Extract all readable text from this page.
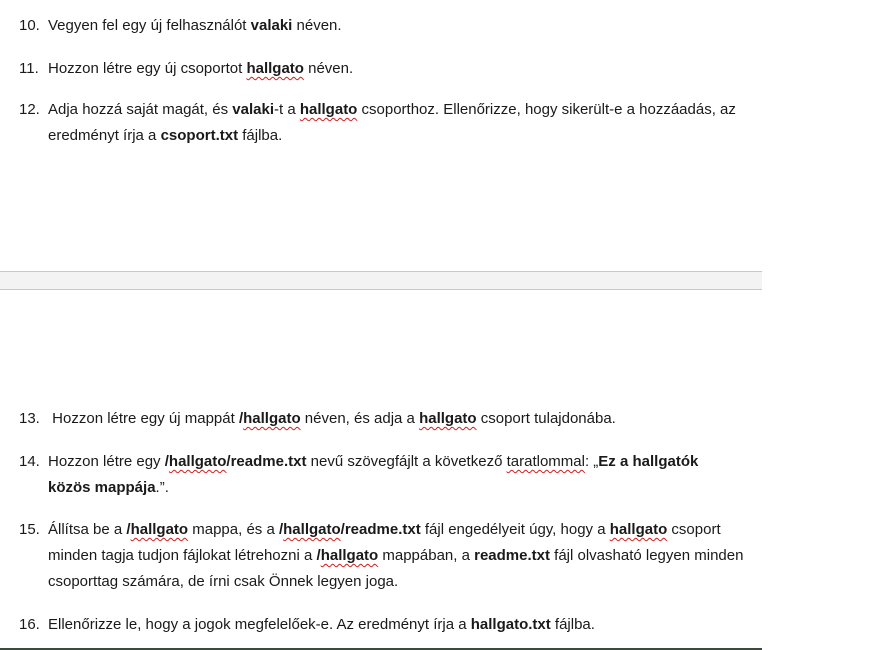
10. Vegyen fel egy új felhasználót valaki néven.
11. Hozzon létre egy új csoportot hallgato néven.
12. Adja hozzá saját magát, és valaki-t a hallgato csoporthoz. Ellenőrizze, hogy sikerült-e a hozzáadás, az eredményt írja a csoport.txt fájlba.
13. Hozzon létre egy új mappát /hallgato néven, és adja a hallgato csoport tulajdonába.
14. Hozzon létre egy /hallgato/readme.txt nevű szövegfájlt a következő taratlommal: „Ez a hallgatók közös mappája.”.
15. Állítsa be a /hallgato mappa, és a /hallgato/readme.txt fájl engedélyeit úgy, hogy a hallgato csoport minden tagja tudjon fájlokat létrehozni a /hallgato mappában, a readme.txt fájl olvasható legyen minden csoporttag számára, de írni csak Önnek legyen joga.
16. Ellenőrizze le, hogy a jogok megfelelőek-e. Az eredményt írja a hallgato.txt fájlba.
